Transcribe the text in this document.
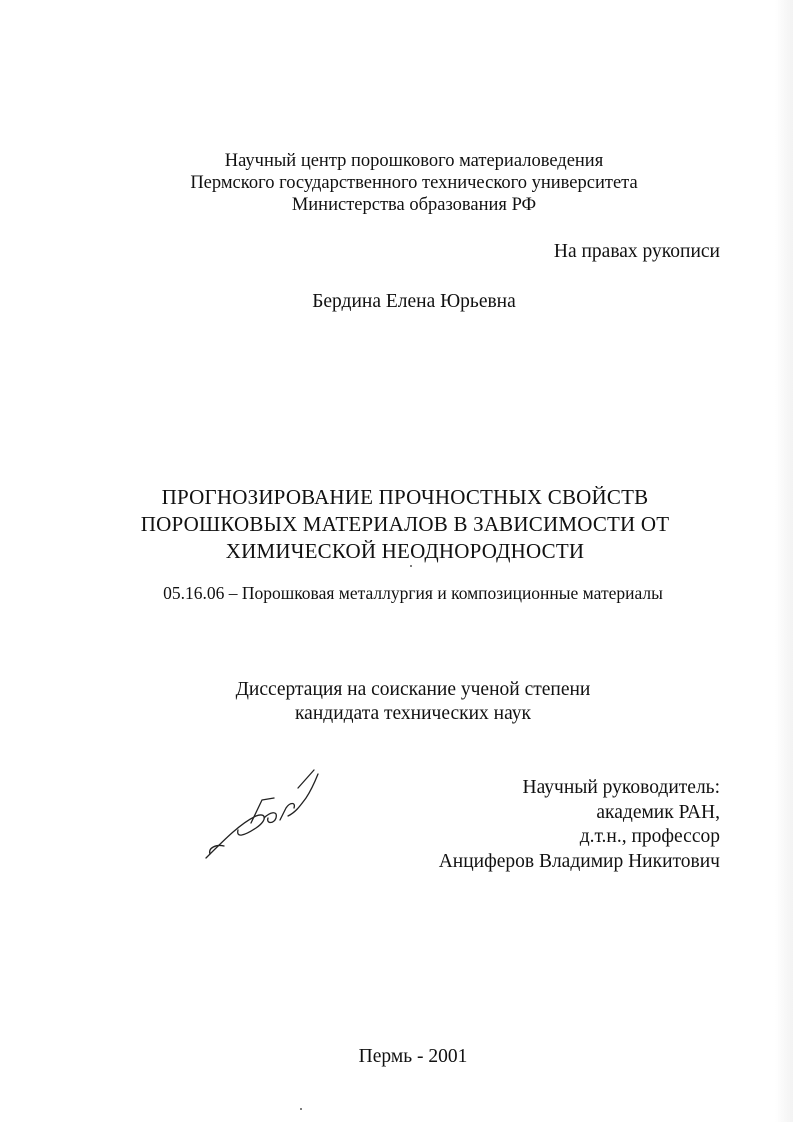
Научный центр порошкового материаловедения
Пермского государственного технического университета
Министерства образования РФ
На правах рукописи
Бердина Елена Юрьевна
ПРОГНОЗИРОВАНИЕ ПРОЧНОСТНЫХ СВОЙСТВ
ПОРОШКОВЫХ МАТЕРИАЛОВ В ЗАВИСИМОСТИ ОТ
ХИМИЧЕСКОЙ НЕОДНОРОДНОСТИ
05.16.06 – Порошковая металлургия и композиционные материалы
Диссертация на соискание ученой степени
кандидата технических наук
Научный руководитель:
академик РАН,
д.т.н., профессор
Анциферов Владимир Никитович
Пермь - 2001
